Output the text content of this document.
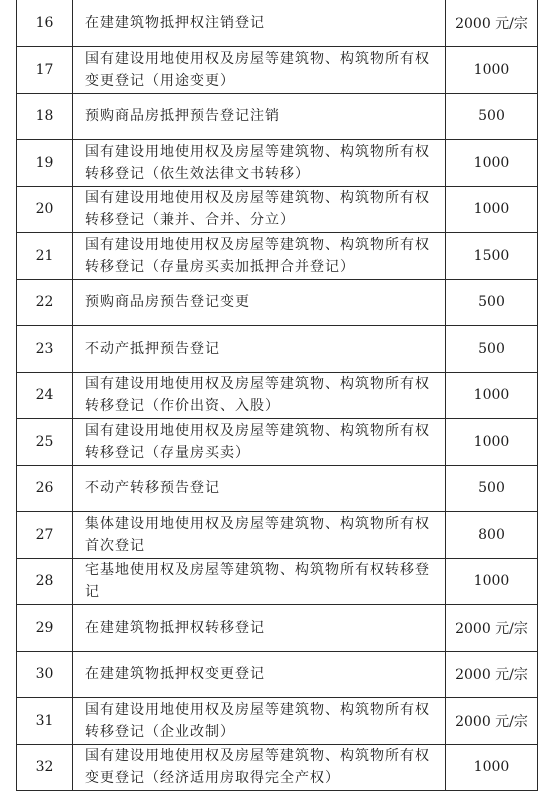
16	在建建筑物抵押权注销登记	2000 元/宗
17	国有建设用地使用权及房屋等建筑物、构筑物所有权变更登记（用途变更）	1000
18	预购商品房抵押预告登记注销	500
19	国有建设用地使用权及房屋等建筑物、构筑物所有权转移登记（依生效法律文书转移）	1000
20	国有建设用地使用权及房屋等建筑物、构筑物所有权转移登记（兼并、合并、分立）	1000
21	国有建设用地使用权及房屋等建筑物、构筑物所有权转移登记（存量房买卖加抵押合并登记）	1500
22	预购商品房预告登记变更	500
23	不动产抵押预告登记	500
24	国有建设用地使用权及房屋等建筑物、构筑物所有权转移登记（作价出资、入股）	1000
25	国有建设用地使用权及房屋等建筑物、构筑物所有权转移登记（存量房买卖）	1000
26	不动产转移预告登记	500
27	集体建设用地使用权及房屋等建筑物、构筑物所有权首次登记	800
28	宅基地使用权及房屋等建筑物、构筑物所有权转移登记	1000
29	在建建筑物抵押权转移登记	2000 元/宗
30	在建建筑物抵押权变更登记	2000 元/宗
31	国有建设用地使用权及房屋等建筑物、构筑物所有权转移登记（企业改制）	2000 元/宗
32	国有建设用地使用权及房屋等建筑物、构筑物所有权变更登记（经济适用房取得完全产权）	1000
